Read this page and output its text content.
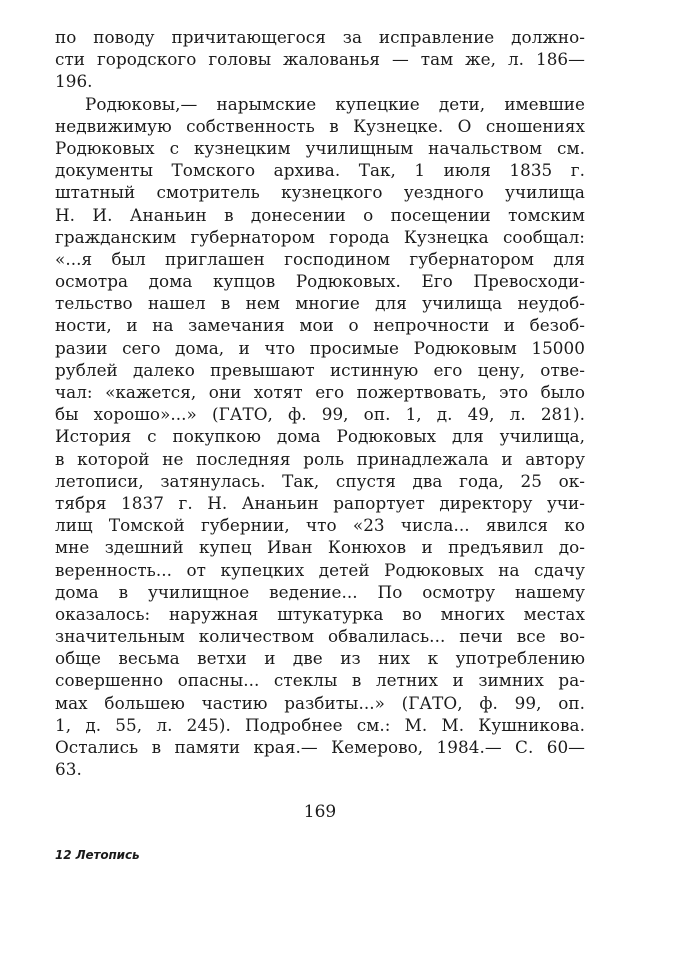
по поводу причитающегося за исправление должно-
сти городского головы жалованья — там же, л. 186—
196.
Родюковы,— нарымские купецкие дети, имевшие
недвижимую собственность в Кузнецке. О сношениях
Родюковых с кузнецким училищным начальством см.
документы Томского архива. Так, 1 июля 1835 г.
штатный смотритель кузнецкого уездного училища
Н. И. Ананьин в донесении о посещении томским
гражданским губернатором города Кузнецка сообщал:
«...я был приглашен господином губернатором для
осмотра дома купцов Родюковых. Его Превосходи-
тельство нашел в нем многие для училища неудоб-
ности, и на замечания мои о непрочности и безоб-
разии сего дома, и что просимые Родюковым 15000
рублей далеко превышают истинную его цену, отве-
чал: «кажется, они хотят его пожертвовать, это было
бы хорошо»...» (ГАТО, ф. 99, оп. 1, д. 49, л. 281).
История с покупкою дома Родюковых для училища,
в которой не последняя роль принадлежала и автору
летописи, затянулась. Так, спустя два года, 25 ок-
тября 1837 г. Н. Ананьин рапортует директору учи-
лищ Томской губернии, что «23 числа... явился ко
мне здешний купец Иван Конюхов и предъявил до-
веренность... от купецких детей Родюковых на сдачу
дома в училищное ведение... По осмотру нашему
оказалось: наружная штукатурка во многих местах
значительным количеством обвалилась... печи все во-
обще весьма ветхи и две из них к употреблению
совершенно опасны... стеклы в летних и зимних ра-
мах большею частию разбиты...» (ГАТО, ф. 99, оп.
1, д. 55, л. 245). Подробнее см.: М. М. Кушникова.
Остались в памяти края.— Кемерово, 1984.— С. 60—
63.
169
12 Летопись
